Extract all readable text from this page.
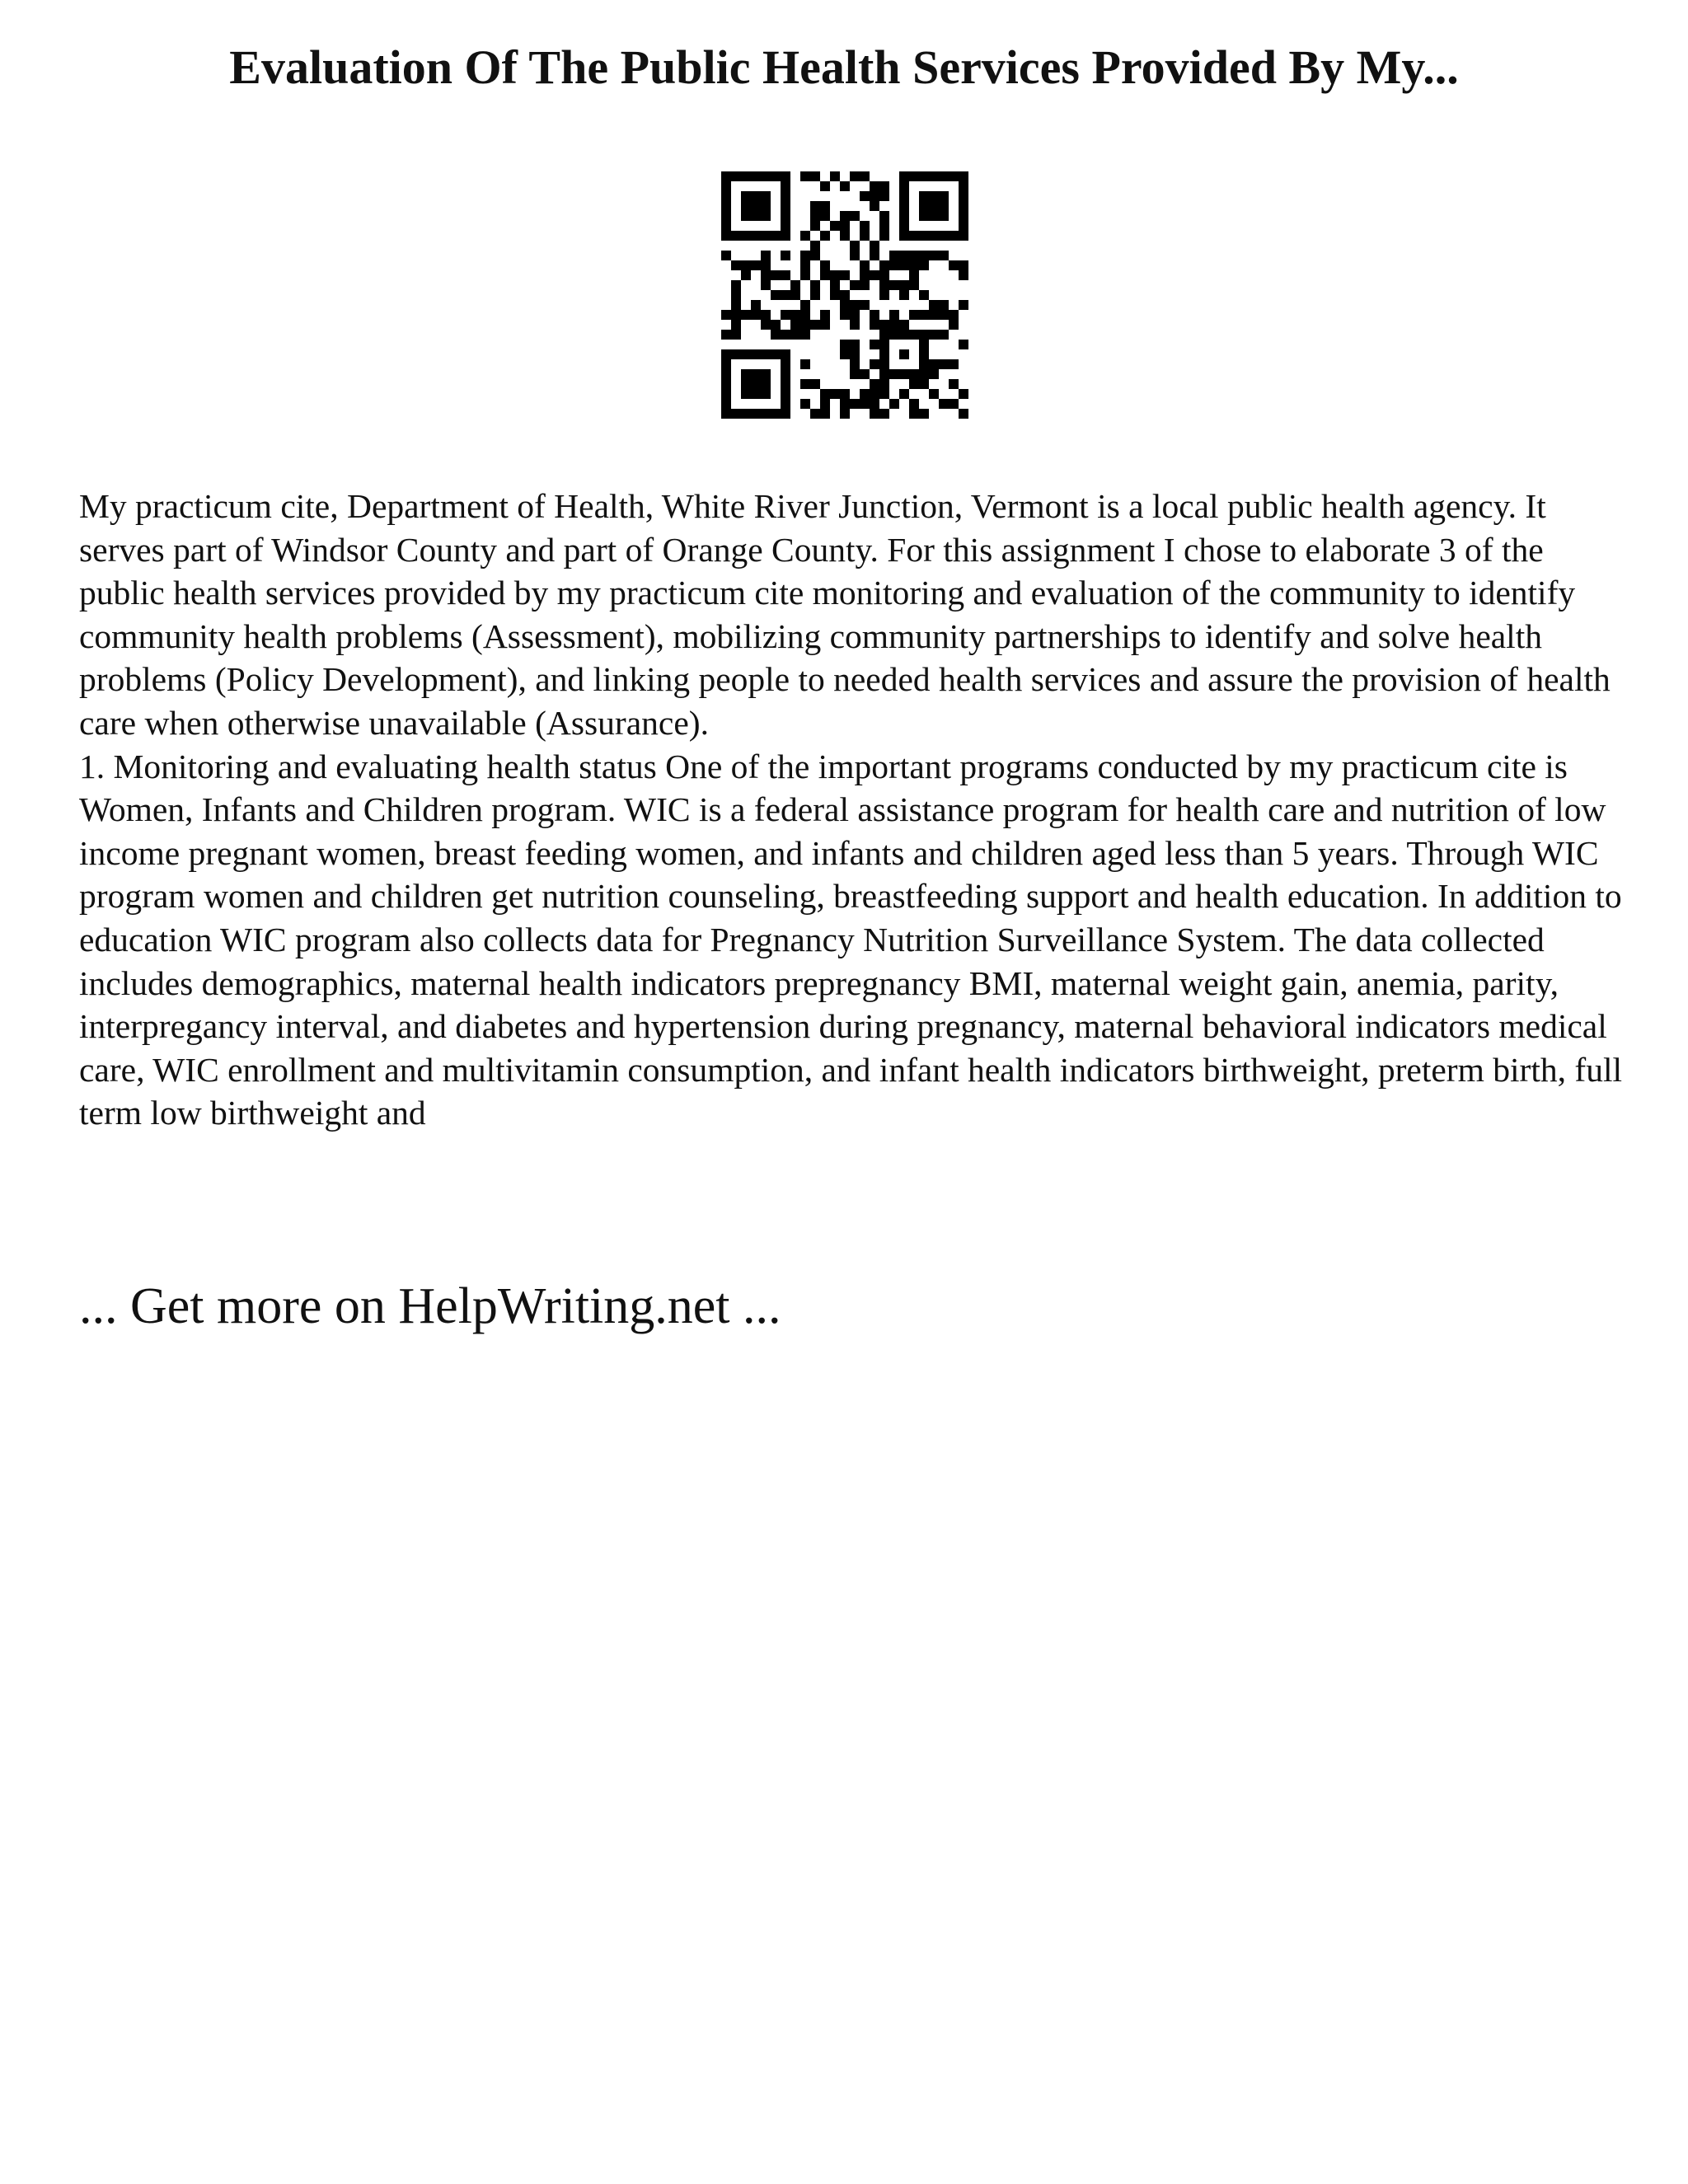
Evaluation Of The Public Health Services Provided By My...

My practicum cite, Department of Health, White River Junction, Vermont is a local public health agency. It serves part of Windsor County and part of Orange County. For this assignment I chose to elaborate 3 of the public health services provided by my practicum cite monitoring and evaluation of the community to identify community health problems (Assessment), mobilizing community partnerships to identify and solve health problems (Policy Development), and linking people to needed health services and assure the provision of health care when otherwise unavailable (Assurance).

1. Monitoring and evaluating health status One of the important programs conducted by my practicum cite is Women, Infants and Children program. WIC is a federal assistance program for health care and nutrition of low income pregnant women, breast feeding women, and infants and children aged less than 5 years. Through WIC program women and children get nutrition counseling, breastfeeding support and health education. In addition to education WIC program also collects data for Pregnancy Nutrition Surveillance System. The data collected includes demographics, maternal health indicators prepregnancy BMI, maternal weight gain, anemia, parity, interpregancy interval, and diabetes and hypertension during pregnancy, maternal behavioral indicators medical care, WIC enrollment and multivitamin consumption, and infant health indicators birthweight, preterm birth, full term low birthweight and

... Get more on HelpWriting.net ...
